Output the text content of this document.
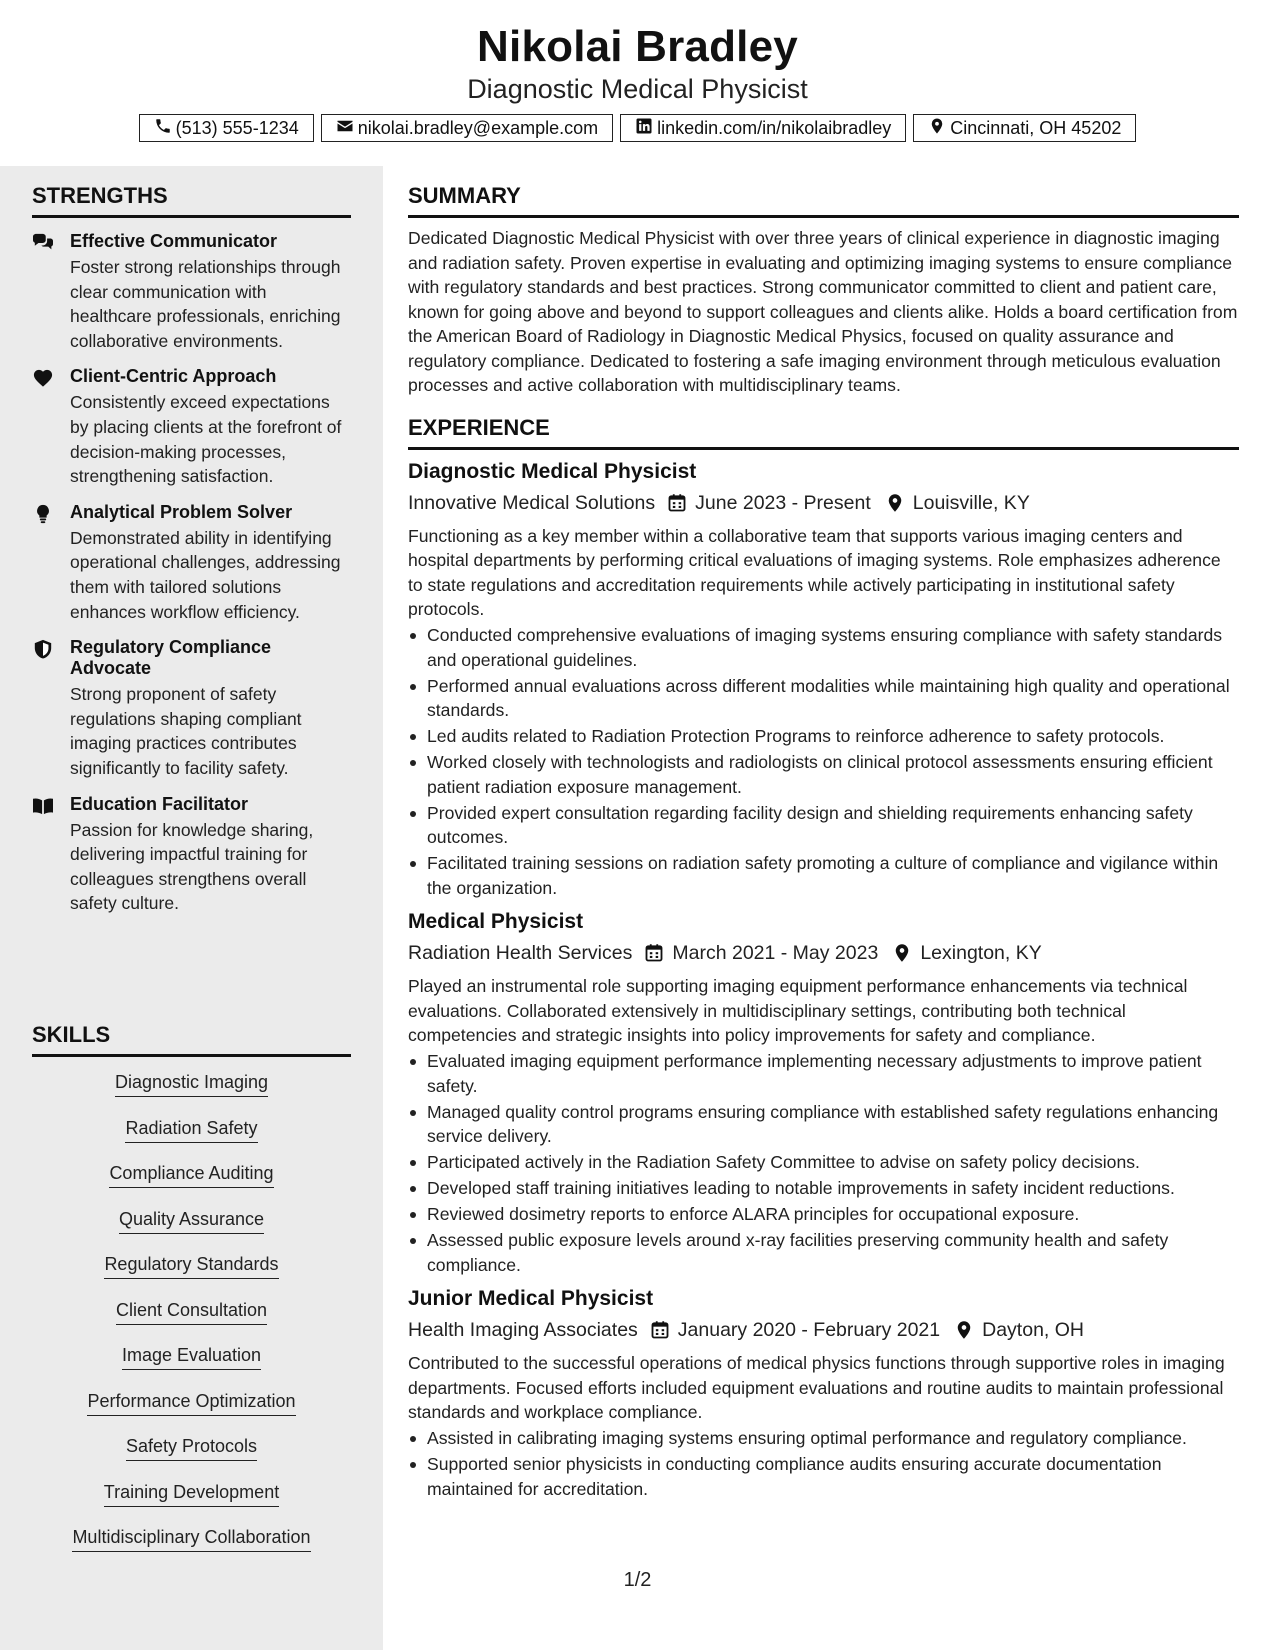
Nikolai Bradley
Diagnostic Medical Physicist
(513) 555-1234	nikolai.bradley@example.com	linkedin.com/in/nikolaibradley	Cincinnati, OH 45202
STRENGTHS
Effective Communicator
Foster strong relationships through clear communication with healthcare professionals, enriching collaborative environments.
Client-Centric Approach
Consistently exceed expectations by placing clients at the forefront of decision-making processes, strengthening satisfaction.
Analytical Problem Solver
Demonstrated ability in identifying operational challenges, addressing them with tailored solutions enhances workflow efficiency.
Regulatory Compliance Advocate
Strong proponent of safety regulations shaping compliant imaging practices contributes significantly to facility safety.
Education Facilitator
Passion for knowledge sharing, delivering impactful training for colleagues strengthens overall safety culture.
SKILLS
Diagnostic Imaging
Radiation Safety
Compliance Auditing
Quality Assurance
Regulatory Standards
Client Consultation
Image Evaluation
Performance Optimization
Safety Protocols
Training Development
Multidisciplinary Collaboration
SUMMARY

Dedicated Diagnostic Medical Physicist with over three years of clinical experience in diagnostic imaging and radiation safety. Proven expertise in evaluating and optimizing imaging systems to ensure compliance with regulatory standards and best practices. Strong communicator committed to client and patient care, known for going above and beyond to support colleagues and clients alike. Holds a board certification from the American Board of Radiology in Diagnostic Medical Physics, focused on quality assurance and regulatory compliance. Dedicated to fostering a safe imaging environment through meticulous evaluation processes and active collaboration with multidisciplinary teams.

EXPERIENCE
Diagnostic Medical Physicist
Innovative Medical Solutions June 2023 - Present Louisville, KY

Functioning as a key member within a collaborative team that supports various imaging centers and hospital departments by performing critical evaluations of imaging systems. Role emphasizes adherence to state regulations and accreditation requirements while actively participating in institutional safety protocols.

Conducted comprehensive evaluations of imaging systems ensuring compliance with safety standards and operational guidelines.
Performed annual evaluations across different modalities while maintaining high quality and operational standards.
Led audits related to Radiation Protection Programs to reinforce adherence to safety protocols.
Worked closely with technologists and radiologists on clinical protocol assessments ensuring efficient patient radiation exposure management.
Provided expert consultation regarding facility design and shielding requirements enhancing safety outcomes.
Facilitated training sessions on radiation safety promoting a culture of compliance and vigilance within the organization.
Medical Physicist
Radiation Health Services March 2021 - May 2023 Lexington, KY

Played an instrumental role supporting imaging equipment performance enhancements via technical evaluations. Collaborated extensively in multidisciplinary settings, contributing both technical competencies and strategic insights into policy improvements for safety and compliance.

Evaluated imaging equipment performance implementing necessary adjustments to improve patient safety.
Managed quality control programs ensuring compliance with established safety regulations enhancing service delivery.
Participated actively in the Radiation Safety Committee to advise on safety policy decisions.
Developed staff training initiatives leading to notable improvements in safety incident reductions.
Reviewed dosimetry reports to enforce ALARA principles for occupational exposure.
Assessed public exposure levels around x-ray facilities preserving community health and safety compliance.
Junior Medical Physicist
Health Imaging Associates January 2020 - February 2021 Dayton, OH

Contributed to the successful operations of medical physics functions through supportive roles in imaging departments. Focused efforts included equipment evaluations and routine audits to maintain professional standards and workplace compliance.

Assisted in calibrating imaging systems ensuring optimal performance and regulatory compliance.
Supported senior physicists in conducting compliance audits ensuring accurate documentation maintained for accreditation.
1/2
